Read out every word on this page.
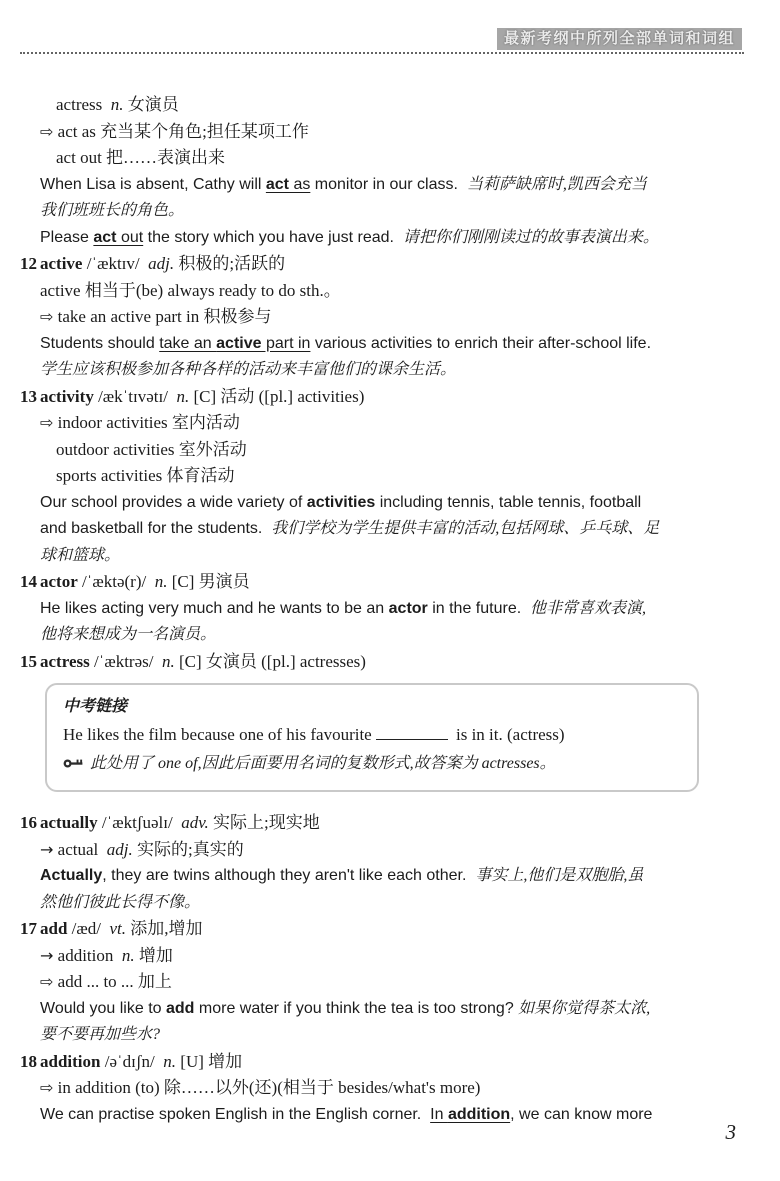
最新考纲中所列全部单词和词组
actress  n. 女演员
⇨ act as 充当某个角色;担任某项工作
act out 把……表演出来
When Lisa is absent, Cathy will act as monitor in our class.  当莉萨缺席时,凯西会充当
我们班班长的角色。
Please act out the story which you have just read.  请把你们刚刚读过的故事表演出来。
12 active /ˈæktɪv/  adj. 积极的;活跃的
active 相当于(be) always ready to do sth.。
⇨ take an active part in 积极参与
Students should take an active part in various activities to enrich their after-school life.
学生应该积极参加各种各样的活动来丰富他们的课余生活。
13 activity /ækˈtɪvətɪ/  n. [C] 活动 ([pl.] activities)
⇨ indoor activities 室内活动
outdoor activities 室外活动
sports activities 体育活动
Our school provides a wide variety of activities including tennis, table tennis, football
and basketball for the students.  我们学校为学生提供丰富的活动,包括网球、乒乓球、足
球和篮球。
14 actor /ˈæktə(r)/  n. [C] 男演员
He likes acting very much and he wants to be an actor in the future.  他非常喜欢表演,
他将来想成为一名演员。
15 actress /ˈæktrəs/  n. [C] 女演员 ([pl.] actresses)
中考链接
He likes the film because one of his favourite	is in it. (actress)
此处用了 one of,因此后面要用名词的复数形式,故答案为 actresses。
16 actually /ˈæktʃuəlɪ/  adv. 实际上;现实地
→ actual  adj. 实际的;真实的
Actually, they are twins although they aren't like each other.  事实上,他们是双胞胎,虽
然他们彼此长得不像。
17 add /æd/  vt. 添加,增加
→ addition  n. 增加
⇨ add ... to ... 加上
Would you like to add more water if you think the tea is too strong? 如果你觉得茶太浓,
要不要再加些水?
18 addition /əˈdɪʃn/  n. [U] 增加
⇨ in addition (to) 除……以外(还)(相当于 besides/what's more)
We can practise spoken English in the English corner.  In addition, we can know more
3
